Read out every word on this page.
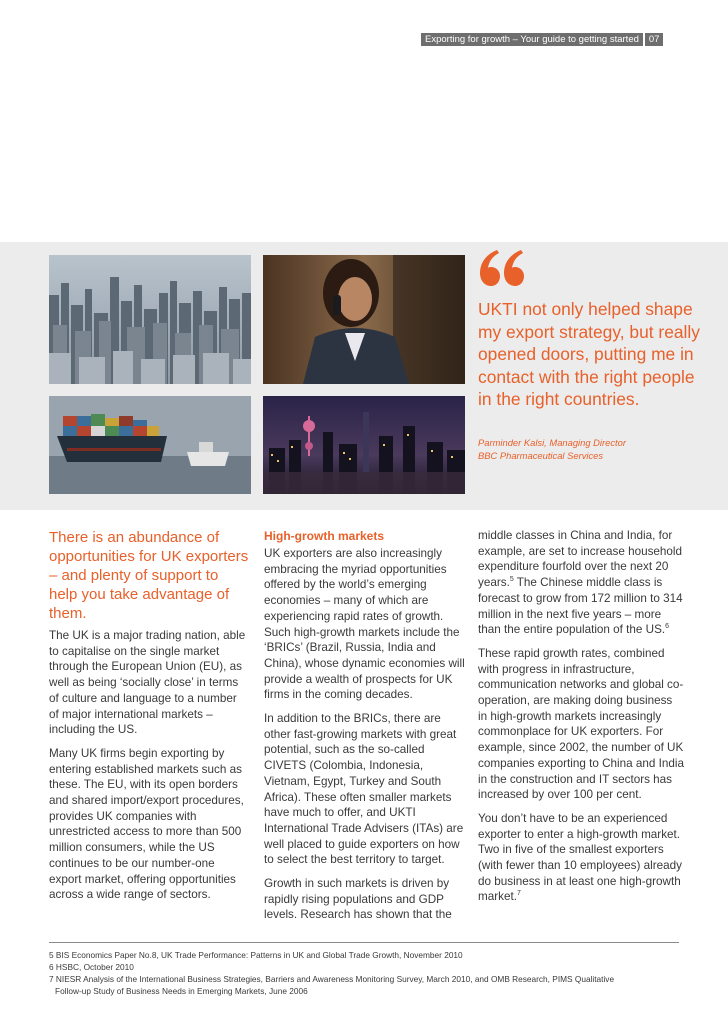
Exporting for growth – Your guide to getting started	07
UKTI not only helped shape my export strategy, but really opened doors, putting me in contact with the right people in the right countries.
Parminder Kalsi, Managing Director
BBC Pharmaceutical Services
There is an abundance of opportunities for UK exporters – and plenty of support to help you take advantage of them.

The UK is a major trading nation, able to capitalise on the single market through the European Union (EU), as well as being ‘socially close’ in terms of culture and language to a number of major international markets – including the US.

Many UK firms begin exporting by entering established markets such as these. The EU, with its open borders and shared import/export procedures, provides UK companies with unrestricted access to more than 500 million consumers, while the US continues to be our number-one export market, offering opportunities across a wide range of sectors.

High-growth markets

UK exporters are also increasingly embracing the myriad opportunities offered by the world’s emerging economies – many of which are experiencing rapid rates of growth. Such high-growth markets include the ‘BRICs’ (Brazil, Russia, India and China), whose dynamic economies will provide a wealth of prospects for UK firms in the coming decades.

In addition to the BRICs, there are other fast-growing markets with great potential, such as the so-called CIVETS (Colombia, Indonesia, Vietnam, Egypt, Turkey and South Africa). These often smaller markets have much to offer, and UKTI International Trade Advisers (ITAs) are well placed to guide exporters on how to select the best territory to target.

Growth in such markets is driven by rapidly rising populations and GDP levels. Research has shown that the

middle classes in China and India, for example, are set to increase household expenditure fourfold over the next 20 years.$^5$ The Chinese middle class is forecast to grow from 172 million to 314 million in the next five years – more than the entire population of the US.$^6$

These rapid growth rates, combined with progress in infrastructure, communication networks and global co-operation, are making doing business in high-growth markets increasingly commonplace for UK exporters. For example, since 2002, the number of UK companies exporting to China and India in the construction and IT sectors has increased by over 100 per cent.

You don’t have to be an experienced exporter to enter a high-growth market. Two in five of the smallest exporters (with fewer than 10 employees) already do business in at least one high-growth market.$^7$

5 BIS Economics Paper No.8, UK Trade Performance: Patterns in UK and Global Trade Growth, November 2010
6 HSBC, October 2010
7 NIESR Analysis of the International Business Strategies, Barriers and Awareness Monitoring Survey, March 2010, and OMB Research, PIMS Qualitative
Follow-up Study of Business Needs in Emerging Markets, June 2006
